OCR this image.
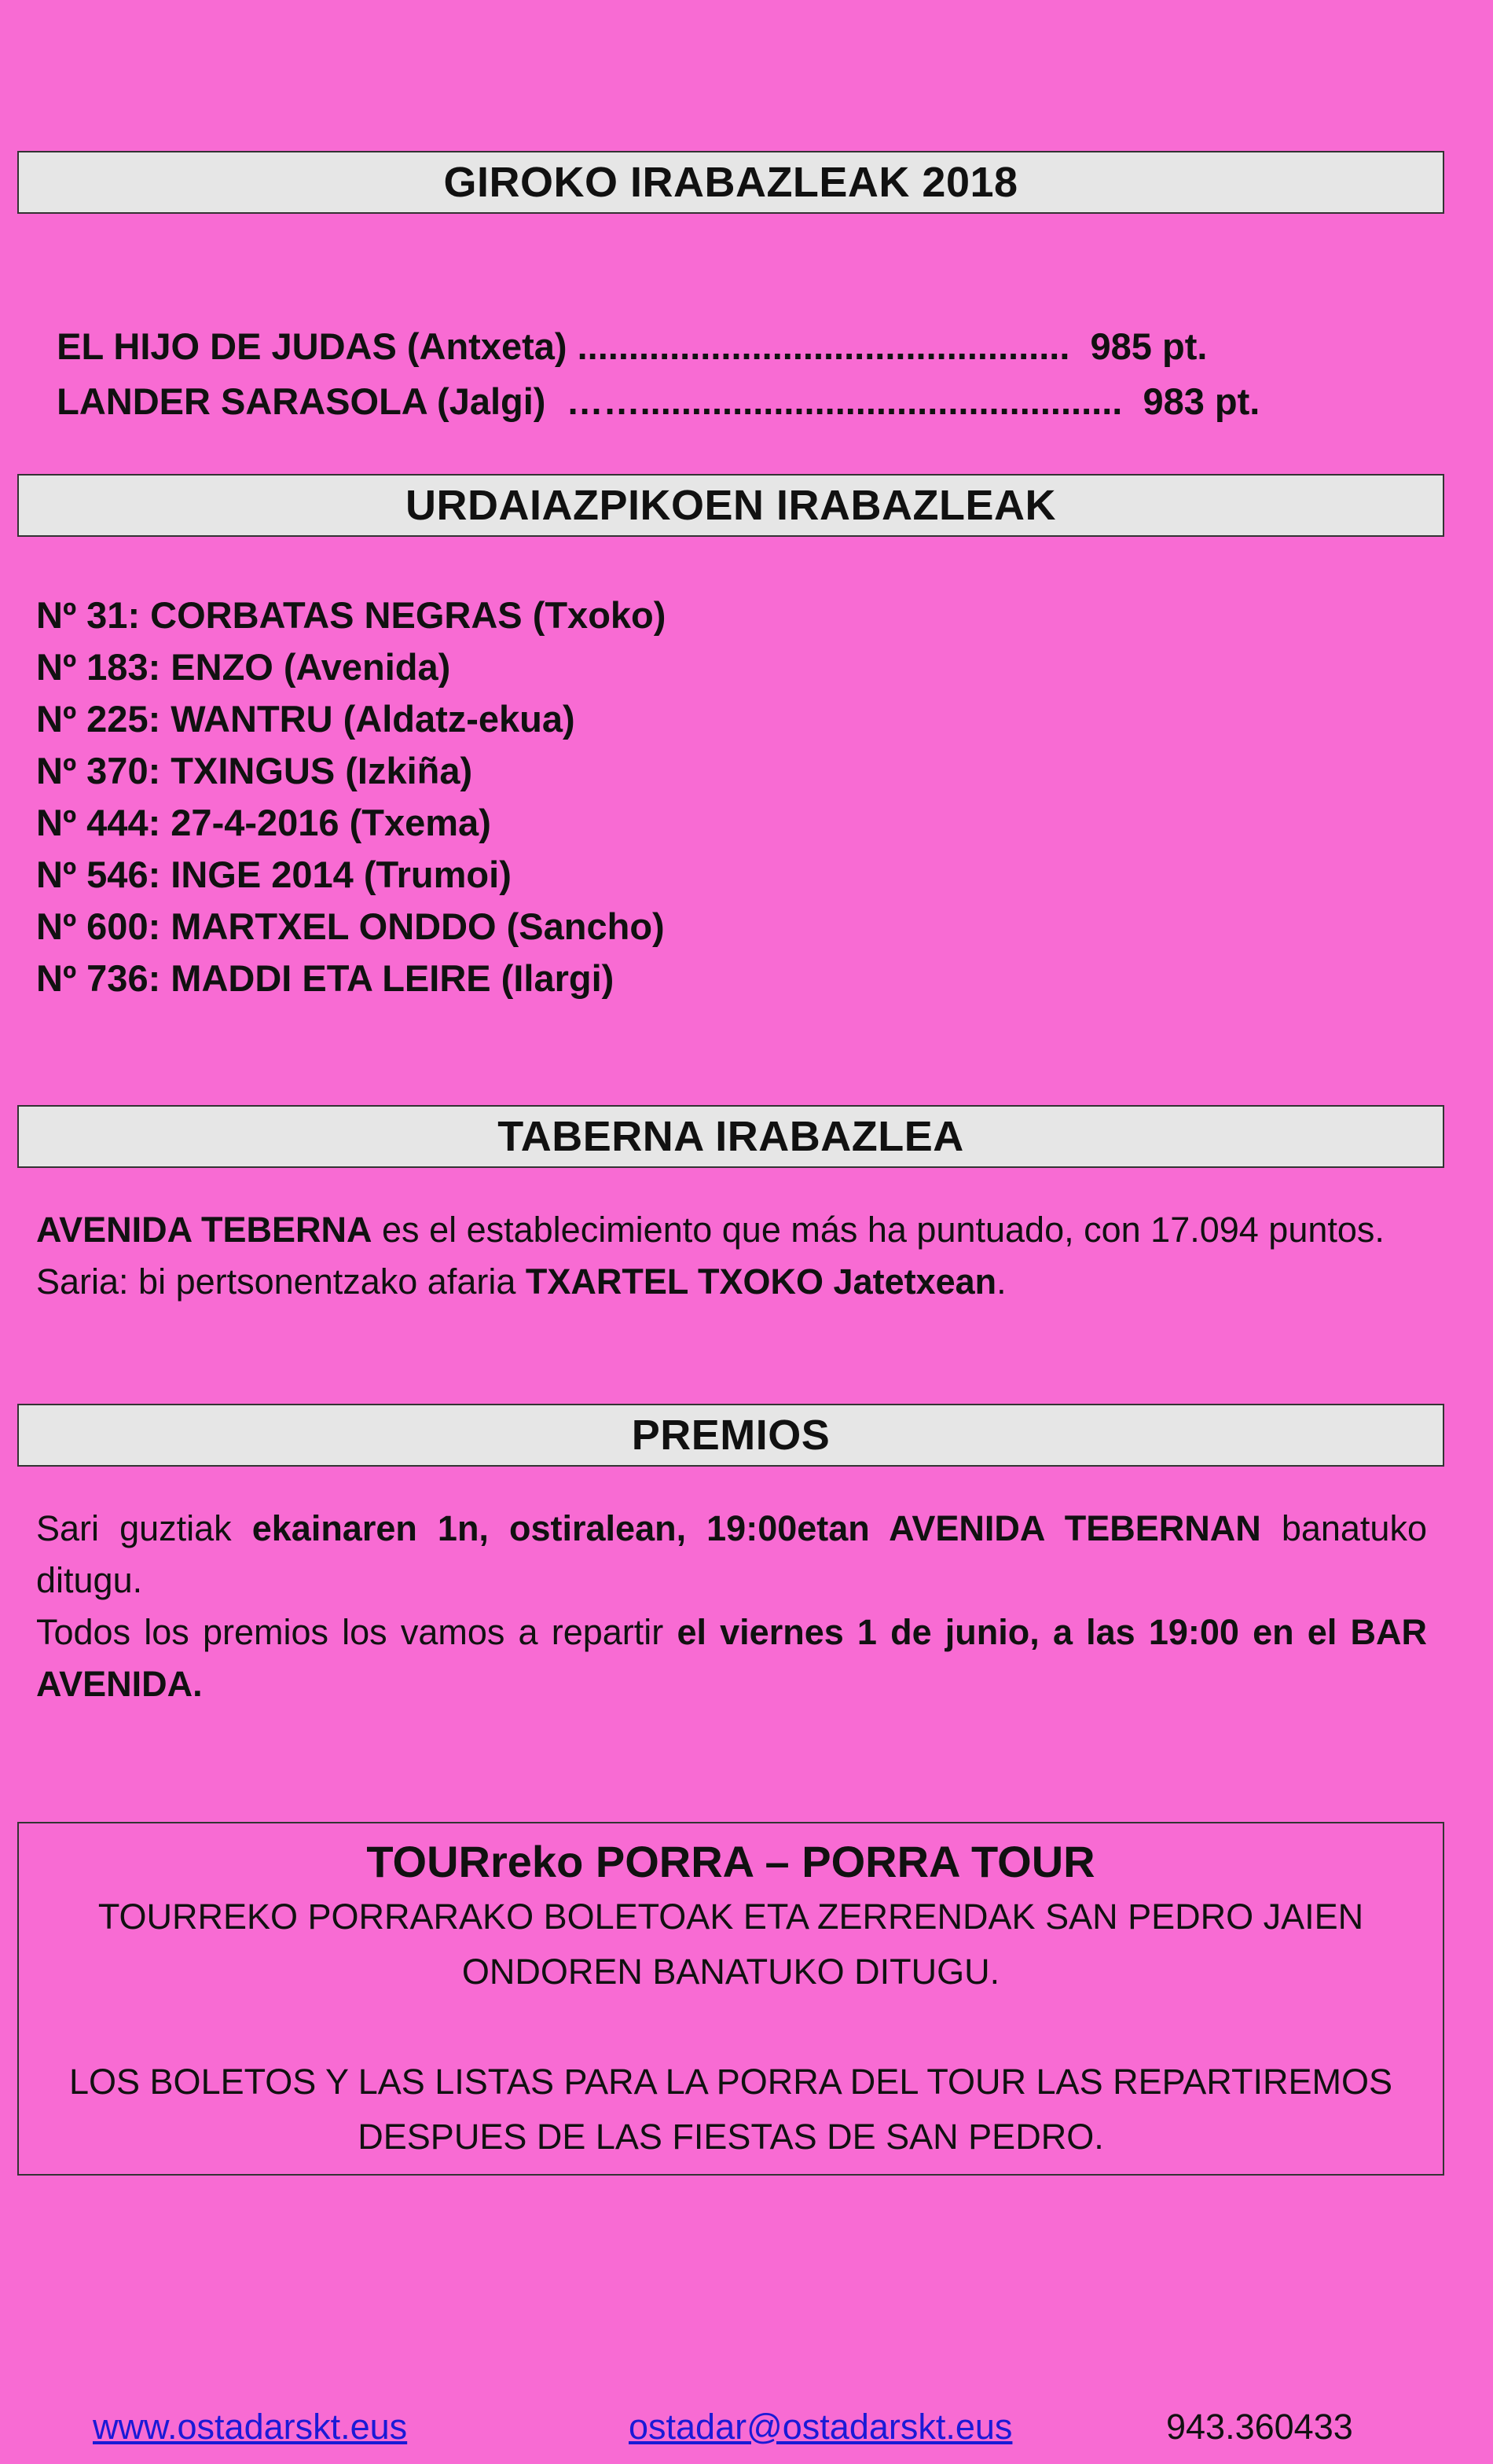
GIROKO IRABAZLEAK 2018

EL HIJO DE JUDAS (Antxeta) ................................................ 985 pt.

LANDER SARASOLA (Jalgi)  ……............................................... 983 pt.

URDAIAZPIKOEN IRABAZLEAK
Nº 31: CORBATAS NEGRAS (Txoko)
Nº 183: ENZO (Avenida)
Nº 225: WANTRU (Aldatz-ekua)
Nº 370: TXINGUS (Izkiña)
Nº 444: 27-4-2016 (Txema)
Nº 546: INGE 2014 (Trumoi)
Nº 600: MARTXEL ONDDO (Sancho)
Nº 736: MADDI ETA LEIRE (Ilargi)
TABERNA IRABAZLEA
AVENIDA TEBERNA es el establecimiento que más ha puntuado, con 17.094 puntos. Saria: bi pertsonentzako afaria TXARTEL TXOKO Jatetxean.
PREMIOS
Sari guztiak ekainaren 1n, ostiralean, 19:00etan AVENIDA TEBERNAN banatuko ditugu.
Todos los premios los vamos a repartir el viernes 1 de junio, a las 19:00 en el BAR AVENIDA.
TOURreko PORRA – PORRA TOUR
TOURREKO PORRARAKO BOLETOAK ETA ZERRENDAK SAN PEDRO JAIEN ONDOREN BANATUKO DITUGU.
LOS BOLETOS Y LAS LISTAS PARA LA PORRA DEL TOUR LAS REPARTIREMOS DESPUES DE LAS FIESTAS DE SAN PEDRO.
www.ostadarskt.eus	ostadar@ostadarskt.eus	943.360433
